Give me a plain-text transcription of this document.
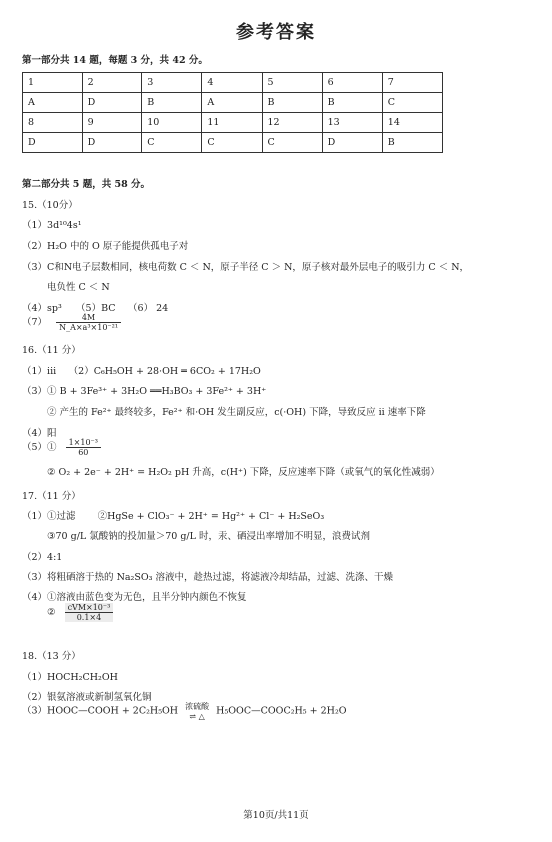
参考答案
第一部分共 14 题，每题 3 分，共 42 分。
1	2	3	4	5	6	7
A	D	B	A	B	B	C
8	9	10	11	12	13	14
D	D	C	C	C	D	B
第二部分共 5 题，共 58 分。
15.（10分）
（1）3d¹⁰4s¹
（2）H₂O 中的 O 原子能提供孤电子对
（3）C和N电子层数相同，核电荷数 C ＜ N，原子半径 C ＞ N，原子核对最外层电子的吸引力 C ＜ N，
电负性 C ＜ N
（4）sp³　　（5）BC　 （6） 24
$(7) \frac{4M}{\text{N\_A×a³×10⁻²¹}}$
16.（11 分）
（1）iii　 （2）C₆H₅OH + 28·OH ═ 6CO₂ + 17H₂O
（3）① B + 3Fe³⁺ + 3H₂O ══H₃BO₃ + 3Fe²⁺ + 3H⁺
② 产生的 Fe²⁺ 最终较多，Fe²⁺ 和·OH 发生副反应，c(·OH) 下降，导致反应 ii 速率下降
（4）阳
（5）① $\frac{\text{1×10⁻³}}{60}$
② O₂ + 2e⁻ + 2H⁺ = H₂O₂ pH 升高，c(H⁺) 下降，反应速率下降（或氧气的氧化性减弱）
17.（11 分）
（1）①过滤　　 ②HgSe + ClO₃⁻ + 2H⁺ = Hg²⁺ + Cl⁻ + H₂SeO₃
③70 g/L 氯酸钠的投加量＞70 g/L 时，汞、硒浸出率增加不明显，浪费试剂
（2）4:1
（3）将粗硒溶于热的 Na₂SO₃ 溶液中，趁热过滤，将滤液冷却结晶，过滤、洗涤、干燥
（4）①溶液由蓝色变为无色，且半分钟内颜色不恢复
② $\frac{\text{cVM×10⁻³}}{0.1\times 4}$
18.（13 分）
（1）HOCH₂CH₂OH
（2）银氨溶液或新制氢氧化铜
（3）HOOC—COOH + 2C₂H₅OH 浓硫酸
⇌ △	H₅OOC—COOC₂H₅ + 2H₂O
第10页/共11页
